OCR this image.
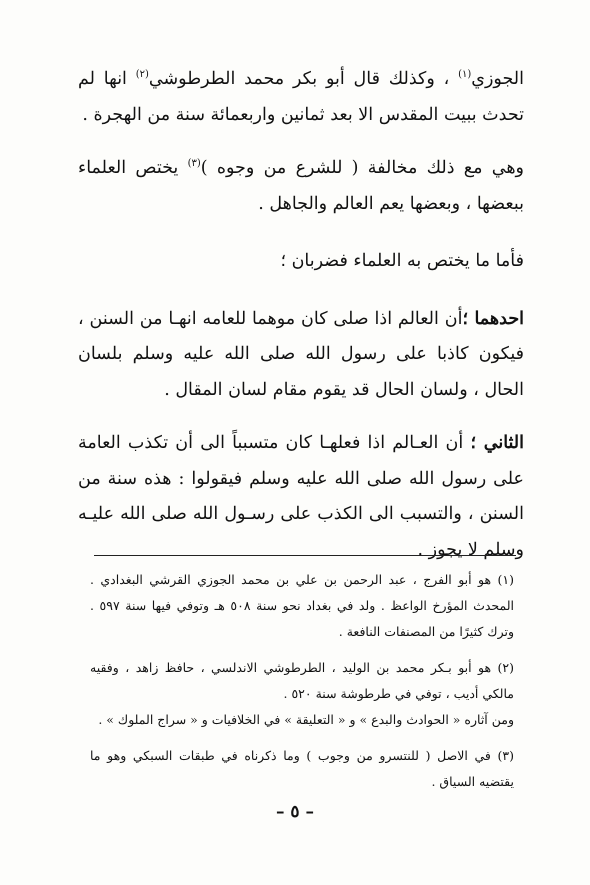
الجوزي$^{(١)}$ ، وكذلك قال أبو بكر محمد الطرطوشي$^{(٢)}$ انها لم تحدث ببيت المقدس الا بعد ثمانين واربعمائة سنة من الهجرة .

وهي مع ذلك مخالفة ( للشرع من وجوه )$^{(٣)}$ يختص العلماء ببعضها ، وبعضها يعم العالم والجاهل .

فأما ما يختص به العلماء فضربان ؛

احدهما ؛أن العالم اذا صلى كان موهما للعامه انهـا من السنن ، فيكون كاذبا على رسول الله صلى الله عليه وسلم بلسان الحال ، ولسان الحال قد يقوم مقام لسان المقال .

الثاني ؛ أن العـالم اذا فعلهـا كان متسبباً الى أن تكذب العامة على رسول الله صلى الله عليه وسلم فيقولوا : هذه سنة من السنن ، والتسبب الى الكذب على رسـول الله صلى الله عليـه وسلم لا يجوز .

(١) هو أبو الفرج ، عبد الرحمن بن علي بن محمد الجوزي القرشي البغدادي . المحدث المؤرخ الواعظ . ولد في بغداد نحو سنة ٥٠٨ هـ وتوفي فيها سنة ٥٩٧ . وترك كثيرًا من المصنفات النافعة .

(٢) هو أبو بـكر محمد بن الوليد ، الطرطوشي الاندلسي ، حافظ زاهد ، وفقيه مالكي أديب ، توفي في طرطوشة سنة ٥٢٠ .

ومن آثاره « الحوادث والبدع » و « التعليقة » في الخلافيات و « سراج الملوك » .

(٣) في الاصل ( للنتسرو من وجوب ) وما ذكرناه في طبقات السبكي وهو ما يقتضيه السياق .

– ٥ –
